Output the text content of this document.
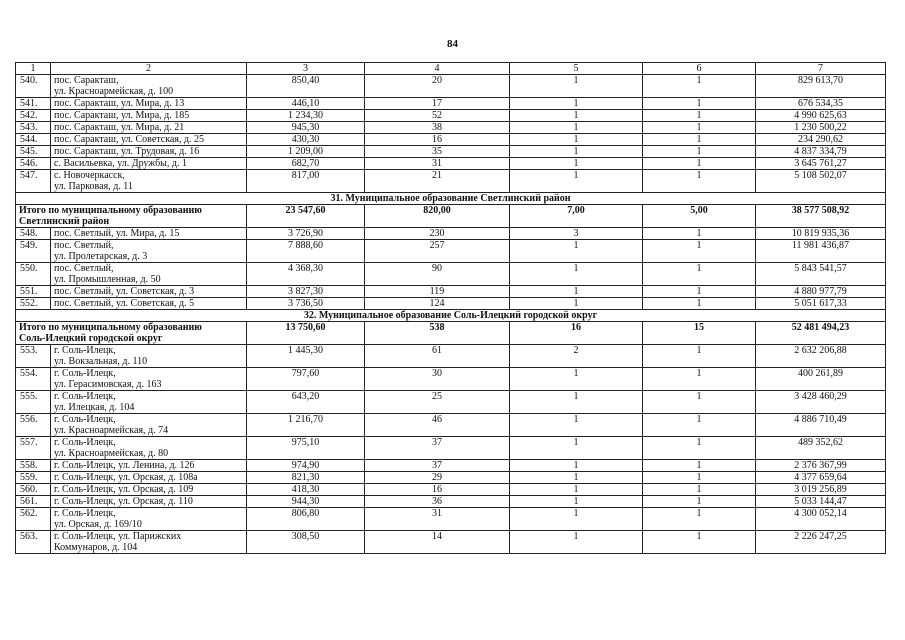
84
1	2	3	4	5	6	7
540.	пос. Саракташ,
ул. Красноармейская, д. 100	850,40	20	1	1	829 613,70
541.	пос. Саракташ, ул. Мира, д. 13	446,10	17	1	1	676 534,35
542.	пос. Саракташ, ул. Мира, д. 185	1 234,30	52	1	1	4 990 625,63
543.	пос. Саракташ, ул. Мира, д. 21	945,30	38	1	1	1 230 500,22
544.	пос. Саракташ, ул. Советская, д. 25	430,30	16	1	1	234 290,62
545.	пос. Саракташ, ул. Трудовая, д. 16	1 209,00	35	1	1	4 837 334,79
546.	с. Васильевка, ул. Дружбы, д. 1	682,70	31	1	1	3 645 761,27
547.	с. Новочеркасск,
ул. Парковая, д. 11	817,00	21	1	1	5 108 502,07
31. Муниципальное образование Светлинский район						

Итого по муниципальному образованию
Светлинский район		23 547,60	820,00	7,00	5,00	38 577 508,92
548.	пос. Светлый, ул. Мира, д. 15	3 726,90	230	3	1	10 819 935,36
549.	пос. Светлый,
ул. Пролетарская, д. 3	7 888,60	257	1	1	11 981 436,87
550.	пос. Светлый,
ул. Промышленная, д. 50	4 368,30	90	1	1	5 843 541,57
551.	пос. Светлый, ул. Советская, д. 3	3 827,30	119	1	1	4 880 977,79
552.	пос. Светлый, ул. Советская, д. 5	3 736,50	124	1	1	5 051 617,33
32. Муниципальное образование Соль-Илецкий городской округ						

Итого по муниципальному образованию
Соль-Илецкий городской округ		13 750,60	538	16	15	52 481 494,23
553.	г. Соль-Илецк,
ул. Вокзальная, д. 110	1 445,30	61	2	1	2 632 206,88
554.	г. Соль-Илецк,
ул. Герасимовская, д. 163	797,60	30	1	1	400 261,89
555.	г. Соль-Илецк,
ул. Илецкая, д. 104	643,20	25	1	1	3 428 460,29
556.	г. Соль-Илецк,
ул. Красноармейская, д. 74	1 216,70	46	1	1	4 886 710,49
557.	г. Соль-Илецк,
ул. Красноармейская, д. 80	975,10	37	1	1	489 352,62
558.	г. Соль-Илецк, ул. Ленина, д. 126	974,90	37	1	1	2 376 367,99
559.	г. Соль-Илецк, ул. Орская, д. 108а	821,30	29	1	1	4 377 659,64
560.	г. Соль-Илецк, ул. Орская, д. 109	418,30	16	1	1	3 019 256,89
561.	г. Соль-Илецк, ул. Орская, д. 110	944,30	36	1	1	5 033 144,47
562.	г. Соль-Илецк,
ул. Орская, д. 169/10	806,80	31	1	1	4 300 052,14
563.	г. Соль-Илецк, ул. Парижских
Коммунаров, д. 104	308,50	14	1	1	2 226 247,25
